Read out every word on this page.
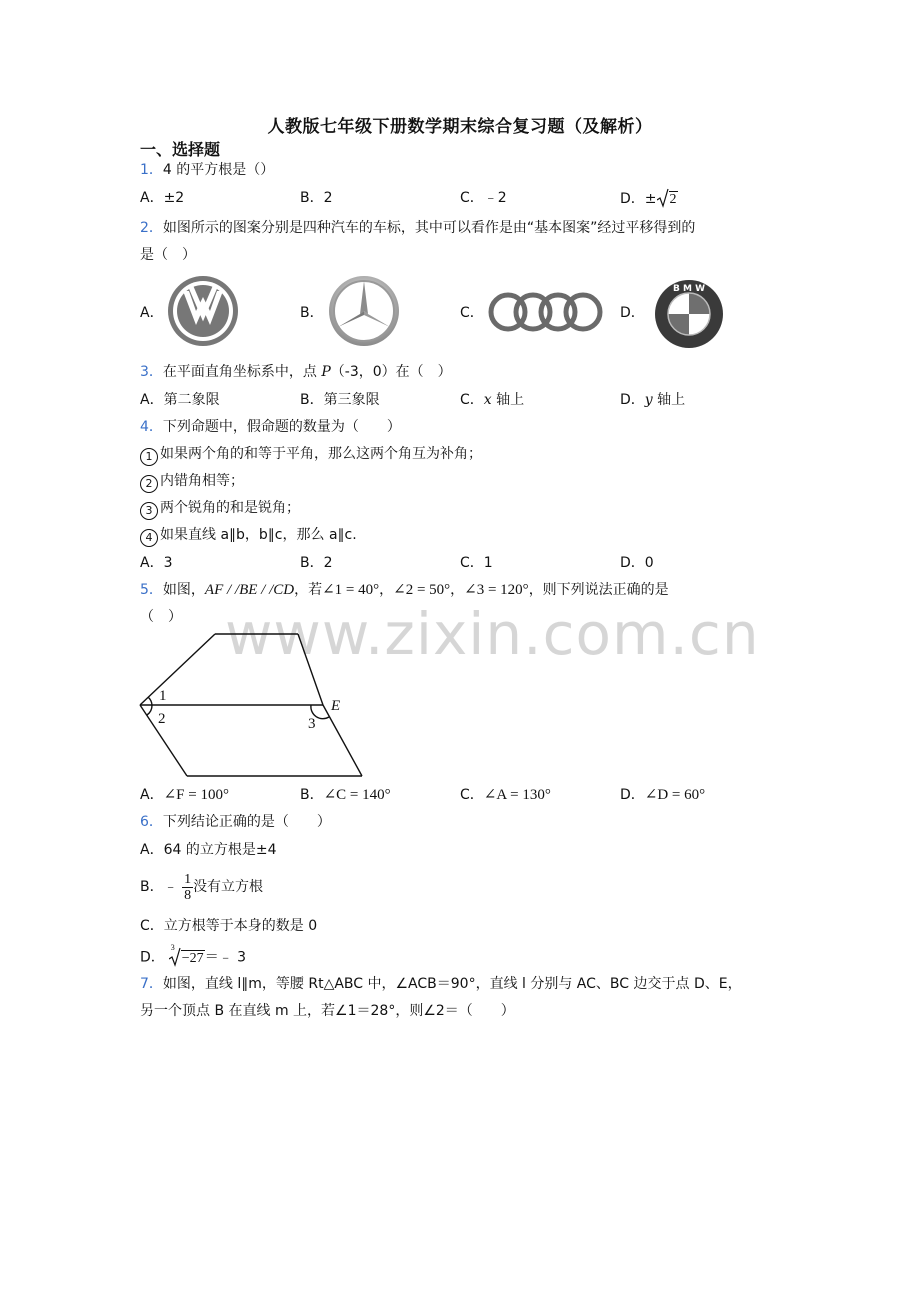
人教版七年级下册数学期末综合复习题（及解析）
一、选择题
1．4 的平方根是（）
A．±2	B．2	C．﹣2	D．± 2
2．如图所示的图案分别是四种汽车的车标，其中可以看作是由“基本图案”经过平移得到的
是（　）
A．	B．	C．	D．
B M W
3．在平面直角坐标系中，点 P（-3，0）在（　）
A．第二象限	B．第三象限	C．x 轴上	D．y 轴上
4．下列命题中，假命题的数量为（　　）
1 如果两个角的和等于平角，那么这两个角互为补角；
2 内错角相等；
3 两个锐角的和是锐角；
4 如果直线 a∥b，b∥c，那么 a∥c.
A．3	B．2	C．1	D．0
5．如图，AF / /BE / /CD，若∠1 = 40°，∠2 = 50°，∠3 = 120°，则下列说法正确的是
（　） www.zixin.com.cn
1
2	3
E
A．∠F = 100°	B．∠C = 140°	C．∠A = 130°	D．∠D = 60°
6．下列结论正确的是（　　）
A．64 的立方根是±4
B．﹣ $\frac{1}{8}$ 没有立方根
C．立方根等于本身的数是 0
D．$^3$−27＝﹣ 3
7．如图，直线 l∥m，等腰 Rt△ABC 中，∠ACB＝90°，直线 l 分别与 AC、BC 边交于点 D、E，
另一个顶点 B 在直线 m 上，若∠1＝28°，则∠2＝（　　）
